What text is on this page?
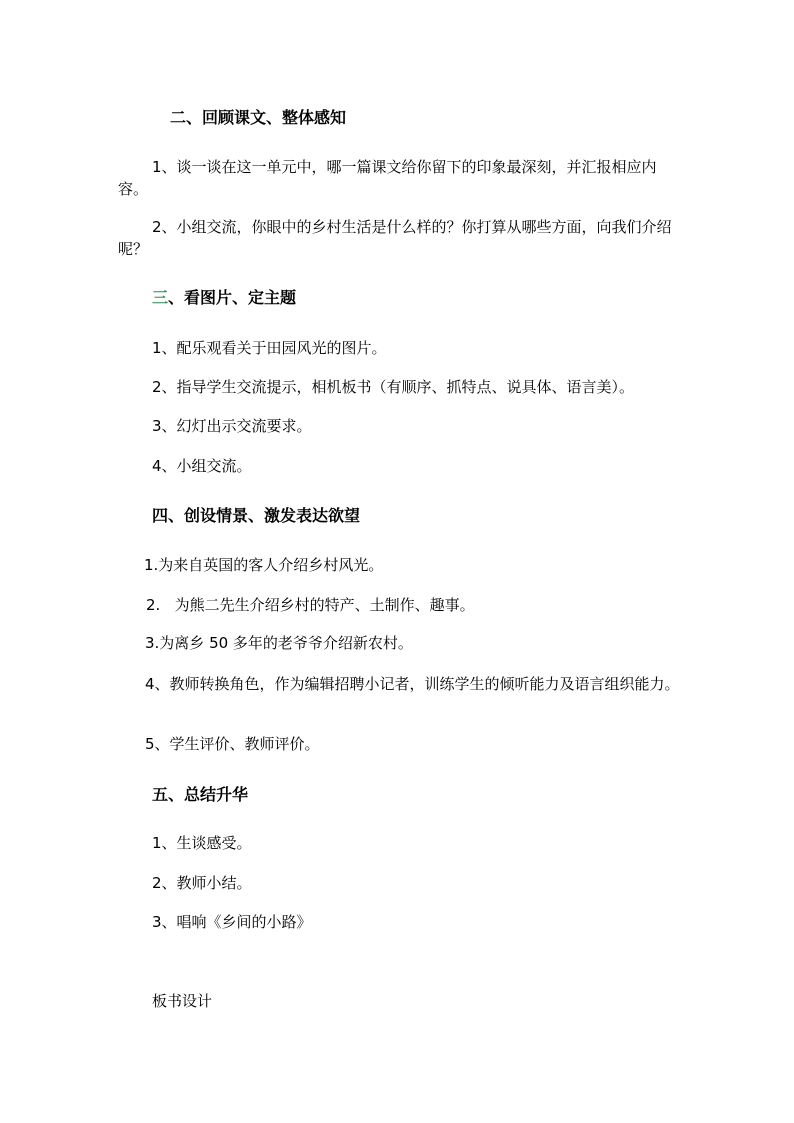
二、回顾课文、整体感知
1、谈一谈在这一单元中，哪一篇课文给你留下的印象最深刻，并汇报相应内容。
2、小组交流，你眼中的乡村生活是什么样的？你打算从哪些方面，向我们介绍呢？
三、看图片、定主题
1、配乐观看关于田园风光的图片。
2、指导学生交流提示，相机板书（有顺序、抓特点、说具体、语言美）。
3、幻灯出示交流要求。
4、小组交流。
四、创设情景、激发表达欲望
1.为来自英国的客人介绍乡村风光。
2.   为熊二先生介绍乡村的特产、土制作、趣事。
3.为离乡 50 多年的老爷爷介绍新农村。
4、教师转换角色，作为编辑招聘小记者，训练学生的倾听能力及语言组织能力。
5、学生评价、教师评价。
五、总结升华
1、生谈感受。
2、教师小结。
3、唱响《乡间的小路》
板书设计
